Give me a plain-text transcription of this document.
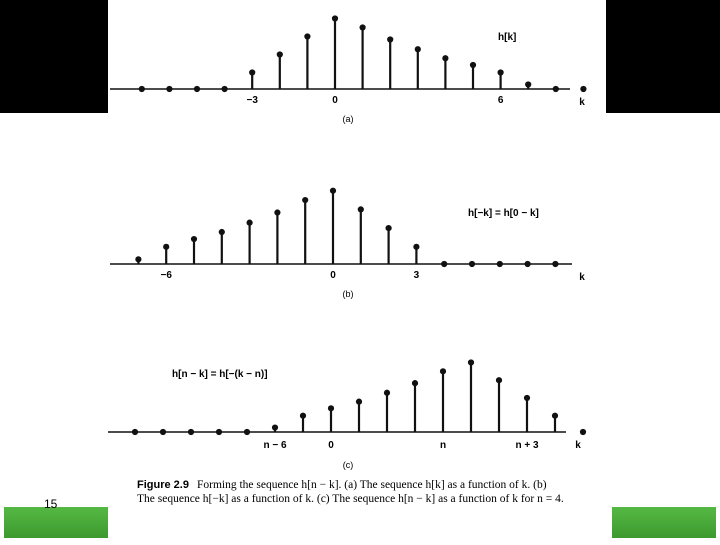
15
k
h[k]
(a)
−3	0	6
k
h[−k] = h[0 − k]
(b)
−6	0	3
k
h[n − k] = h[−(k − n)]
(c)
n − 6	0	n	n + 3
Figure 2.9 Forming the sequence h[n − k]. (a) The sequence h[k] as a function of k. (b) The sequence h[−k] as a function of k. (c) The sequence h[n − k] as a function of k for n = 4.
